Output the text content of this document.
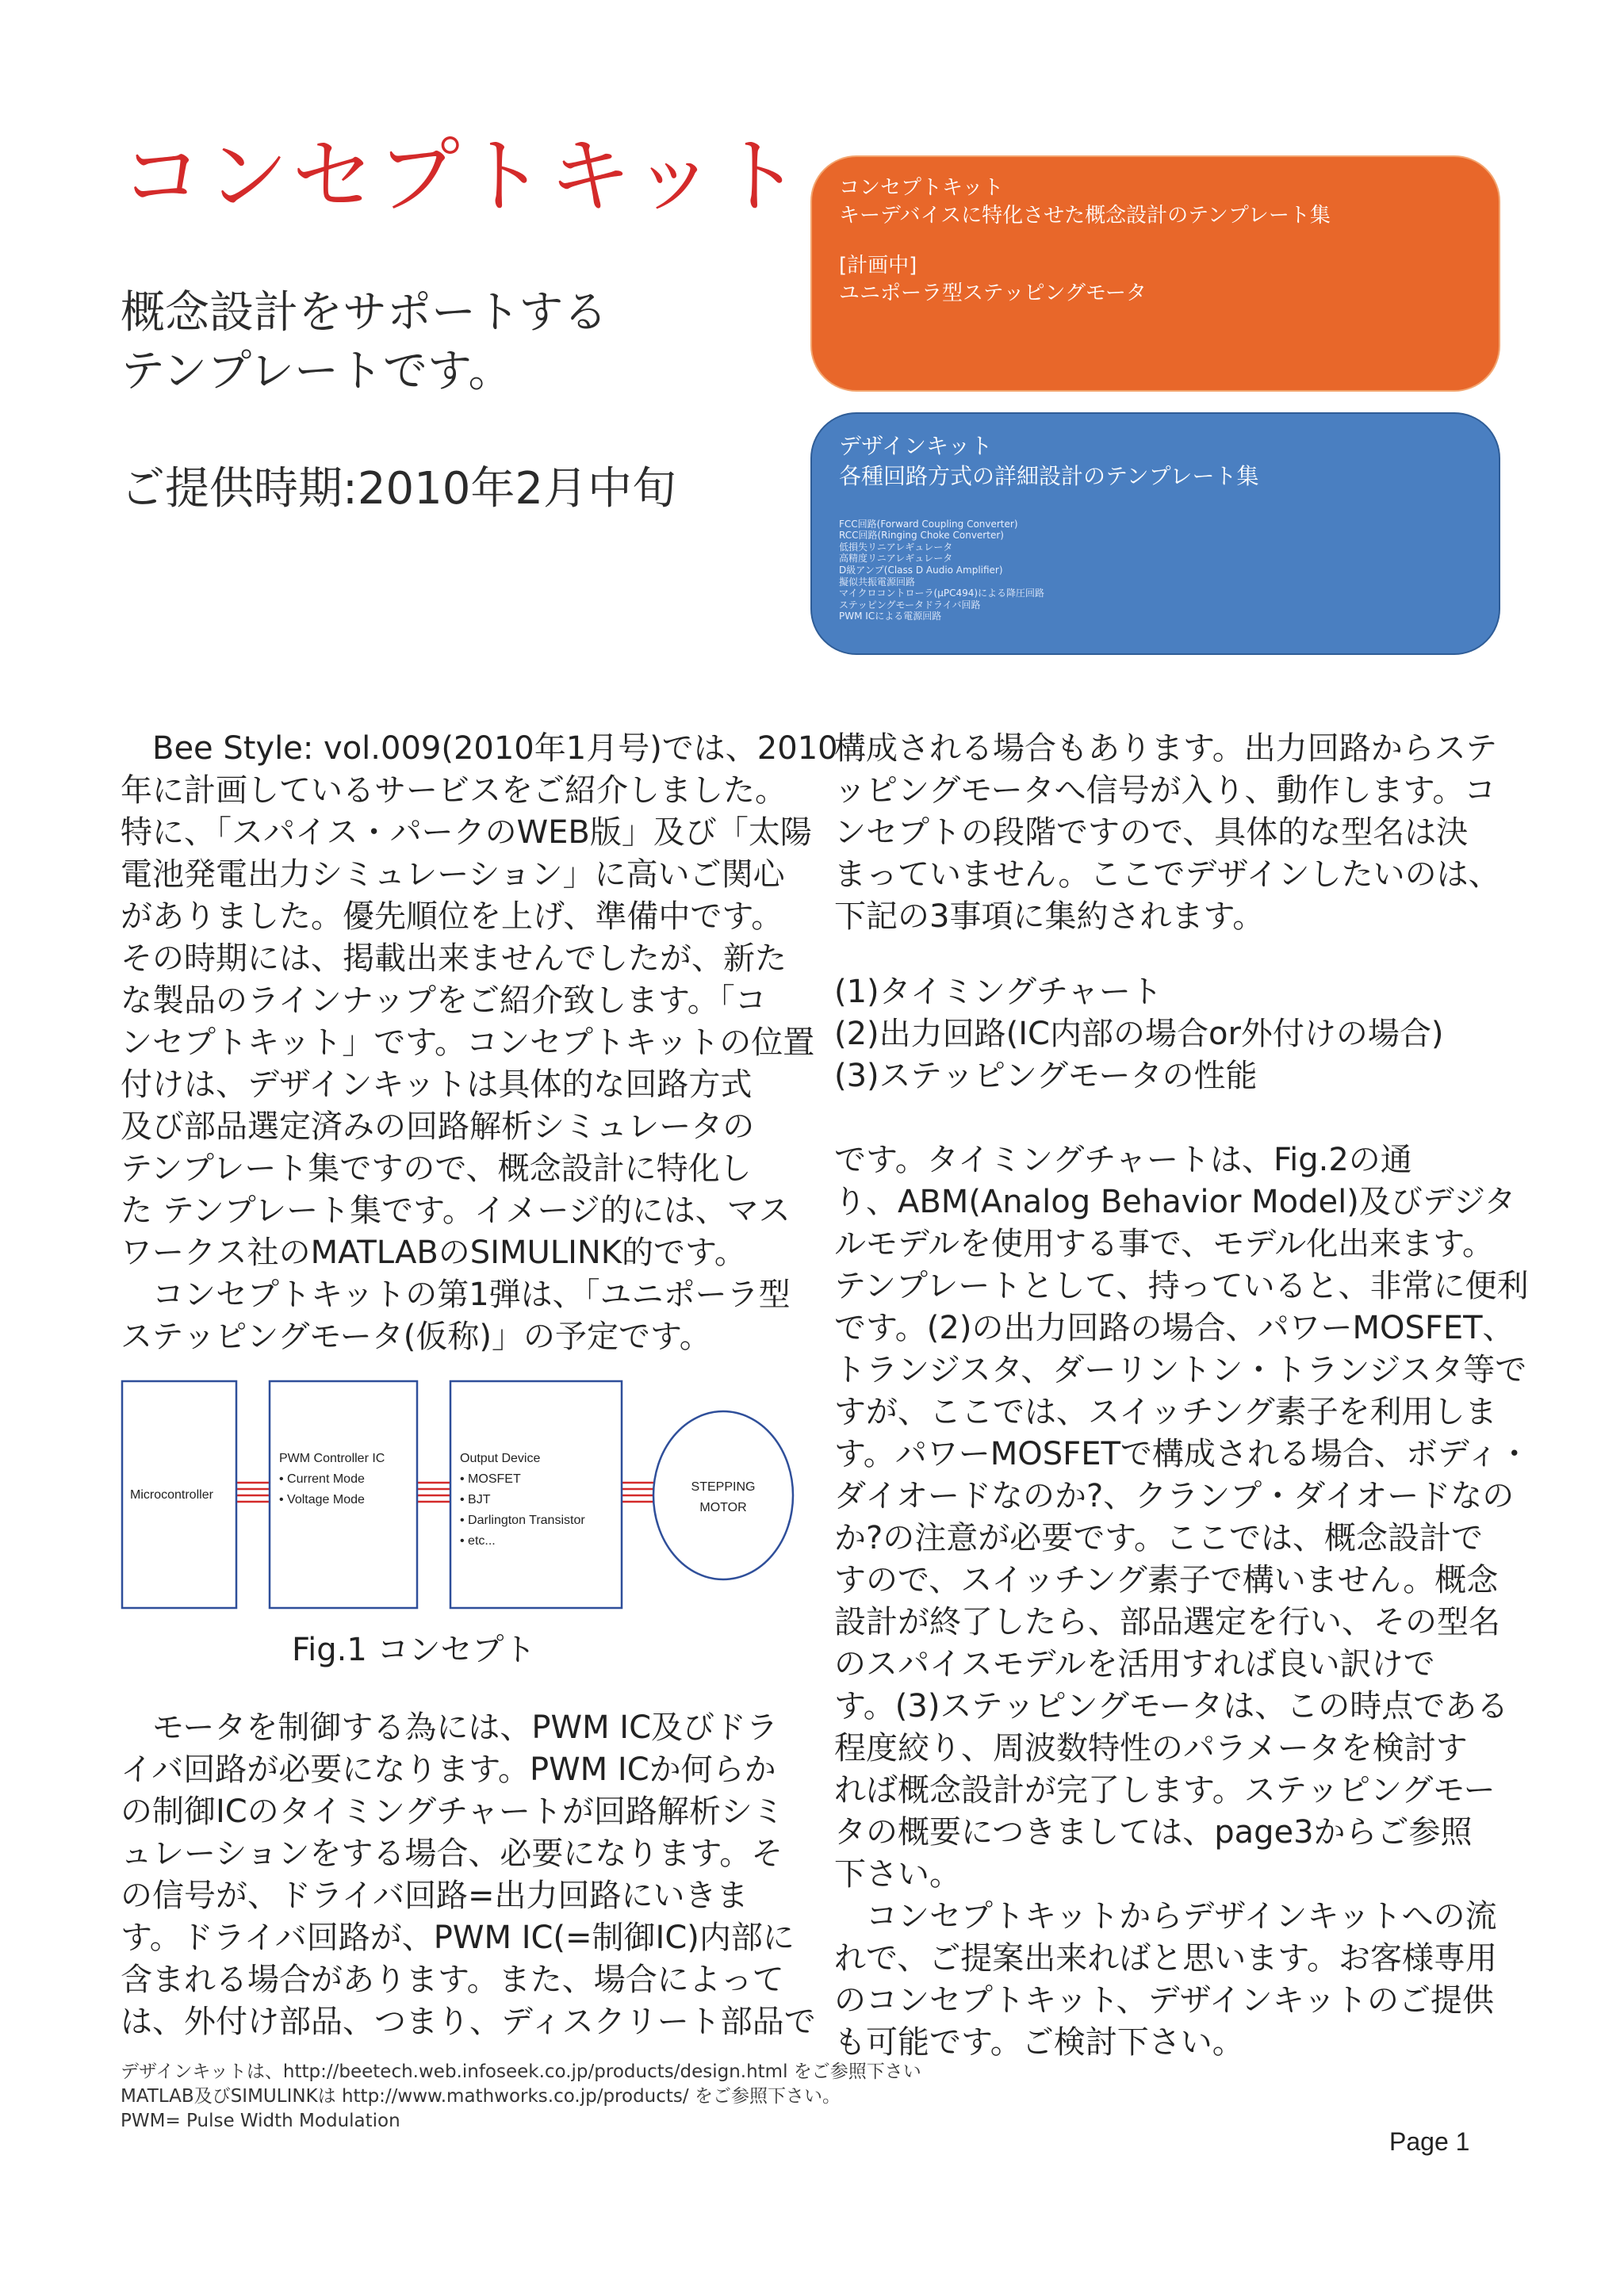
コンセプトキット
概念設計をサポートする
テンプレートです。
ご提供時期:2010年2月中旬
コンセプトキット
キーデバイスに特化させた概念設計のテンプレート集
[計画中]
ユニポーラ型ステッピングモータ
デザインキット
各種回路方式の詳細設計のテンプレート集
FCC回路(Forward Coupling Converter)
RCC回路(Ringing Choke Converter)
低損失リニアレギュレータ
高精度リニアレギュレータ
D級アンプ(Class D Audio Amplifier)
擬似共振電源回路
マイクロコントローラ(μPC494)による降圧回路
ステッピングモータドライバ回路
PWM ICによる電源回路
　Bee Style: vol.009(2010年1月号)では、2010
年に計画しているサービスをご紹介しました。
特に、「スパイス・パークのWEB版」及び「太陽
電池発電出力シミュレーション」に高いご関心
がありました。優先順位を上げ、準備中です。
その時期には、掲載出来ませんでしたが、新た
な製品のラインナップをご紹介致します。「コ
ンセプトキット」です。コンセプトキットの位置
付けは、デザインキットは具体的な回路方式
及び部品選定済みの回路解析シミュレータの
テンプレート集ですので、概念設計に特化し
た テンプレート集です。イメージ的には、マス
ワークス社のMATLABのSIMULINK的です。
　コンセプトキットの第1弾は、「ユニポーラ型
ステッピングモータ(仮称)」の予定です。
Microcontroller
PWM Controller IC
• Current Mode
• Voltage Mode
Output Device
• MOSFET
• BJT
• Darlington Transistor
• etc...
STEPPING
MOTOR
Fig.1 コンセプト
　モータを制御する為には、PWM IC及びドラ
イバ回路が必要になります。PWM ICか何らか
の制御ICのタイミングチャートが回路解析シミ
ュレーションをする場合、必要になります。そ
の信号が、ドライバ回路=出力回路にいきま
す。ドライバ回路が、PWM IC(=制御IC)内部に
含まれる場合があります。また、場合によって
は、外付け部品、つまり、ディスクリート部品で
構成される場合もあります。出力回路からステ
ッピングモータへ信号が入り、動作します。コ
ンセプトの段階ですので、具体的な型名は決
まっていません。ここでデザインしたいのは、
下記の3事項に集約されます。
(1)タイミングチャート
(2)出力回路(IC内部の場合or外付けの場合)
(3)ステッピングモータの性能
です。タイミングチャートは、Fig.2の通
り、ABM(Analog Behavior Model)及びデジタ
ルモデルを使用する事で、モデル化出来ます。
テンプレートとして、持っていると、非常に便利
です。(2)の出力回路の場合、パワーMOSFET、
トランジスタ、ダーリントン・トランジスタ等で
すが、ここでは、スイッチング素子を利用しま
す。パワーMOSFETで構成される場合、ボディ・
ダイオードなのか?、クランプ・ダイオードなの
か?の注意が必要です。ここでは、概念設計で
すので、スイッチング素子で構いません。概念
設計が終了したら、部品選定を行い、その型名
のスパイスモデルを活用すれば良い訳けで
す。(3)ステッピングモータは、この時点である
程度絞り、周波数特性のパラメータを検討す
れば概念設計が完了します。ステッピングモー
タの概要につきましては、page3からご参照
下さい。
　コンセプトキットからデザインキットへの流
れで、ご提案出来ればと思います。お客様専用
のコンセプトキット、デザインキットのご提供
も可能です。ご検討下さい。
デザインキットは、http://beetech.web.infoseek.co.jp/products/design.html をご参照下さい
MATLAB及びSIMULINKは http://www.mathworks.co.jp/products/ をご参照下さい。
PWM= Pulse Width Modulation
Page 1
